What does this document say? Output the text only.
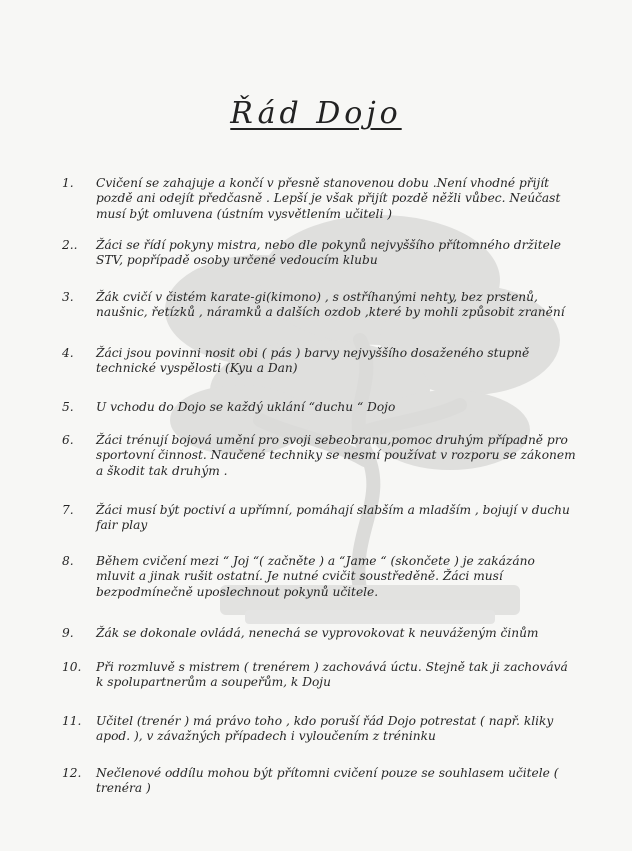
Řád Dojo
1.	Cvičení se zahajuje a končí v přesně stanovenou dobu .Není vhodné přijít pozdě ani odejít předčasně . Lepší je však přijít pozdě něžli vůbec. Neúčast musí být omluvena (ústním vysvětlením učiteli )
2..	Žáci se řídí pokyny mistra, nebo dle pokynů nejvyššího přítomného držitele STV, popřípadě osoby určené vedoucím klubu
3.	Žák cvičí v čistém karate-gi(kimono) , s ostříhanými nehty, bez prstenů, naušnic, řetízků , náramků a dalších ozdob ,které by mohli způsobit zranění
4.	Žáci jsou povinni nosit obi ( pás ) barvy nejvyššího dosaženého stupně technické vyspělosti (Kyu a Dan)
5.	U vchodu do Dojo se každý uklání “duchu “ Dojo
6.	Žáci trénují bojová umění pro svoji sebeobranu,pomoc druhým případně pro sportovní činnost. Naučené techniky se nesmí používat v rozporu se zákonem a škodit tak druhým .
7.	Žáci musí být poctiví a upřímní, pomáhají slabším a mladším , bojují v duchu fair play
8.	Během cvičení mezi “ Joj “( začněte ) a “Jame “ (skončete ) je zakázáno mluvit a jinak rušit ostatní. Je nutné cvičit soustředěně. Žáci musí bezpodmínečně uposlechnout pokynů učitele.
9.	Žák se dokonale ovládá, nenechá se vyprovokovat k neuváženým činům
10.	Při rozmluvě s mistrem ( trenérem ) zachovává úctu. Stejně tak ji zachovává k spolupartnerům a soupeřům, k Doju
11.	Učitel (trenér ) má právo toho , kdo poruší řád Dojo potrestat ( např. kliky apod. ), v závažných případech i vyloučením z tréninku
12.	Nečlenové oddílu mohou být přítomni cvičení pouze se souhlasem učitele ( trenéra )
